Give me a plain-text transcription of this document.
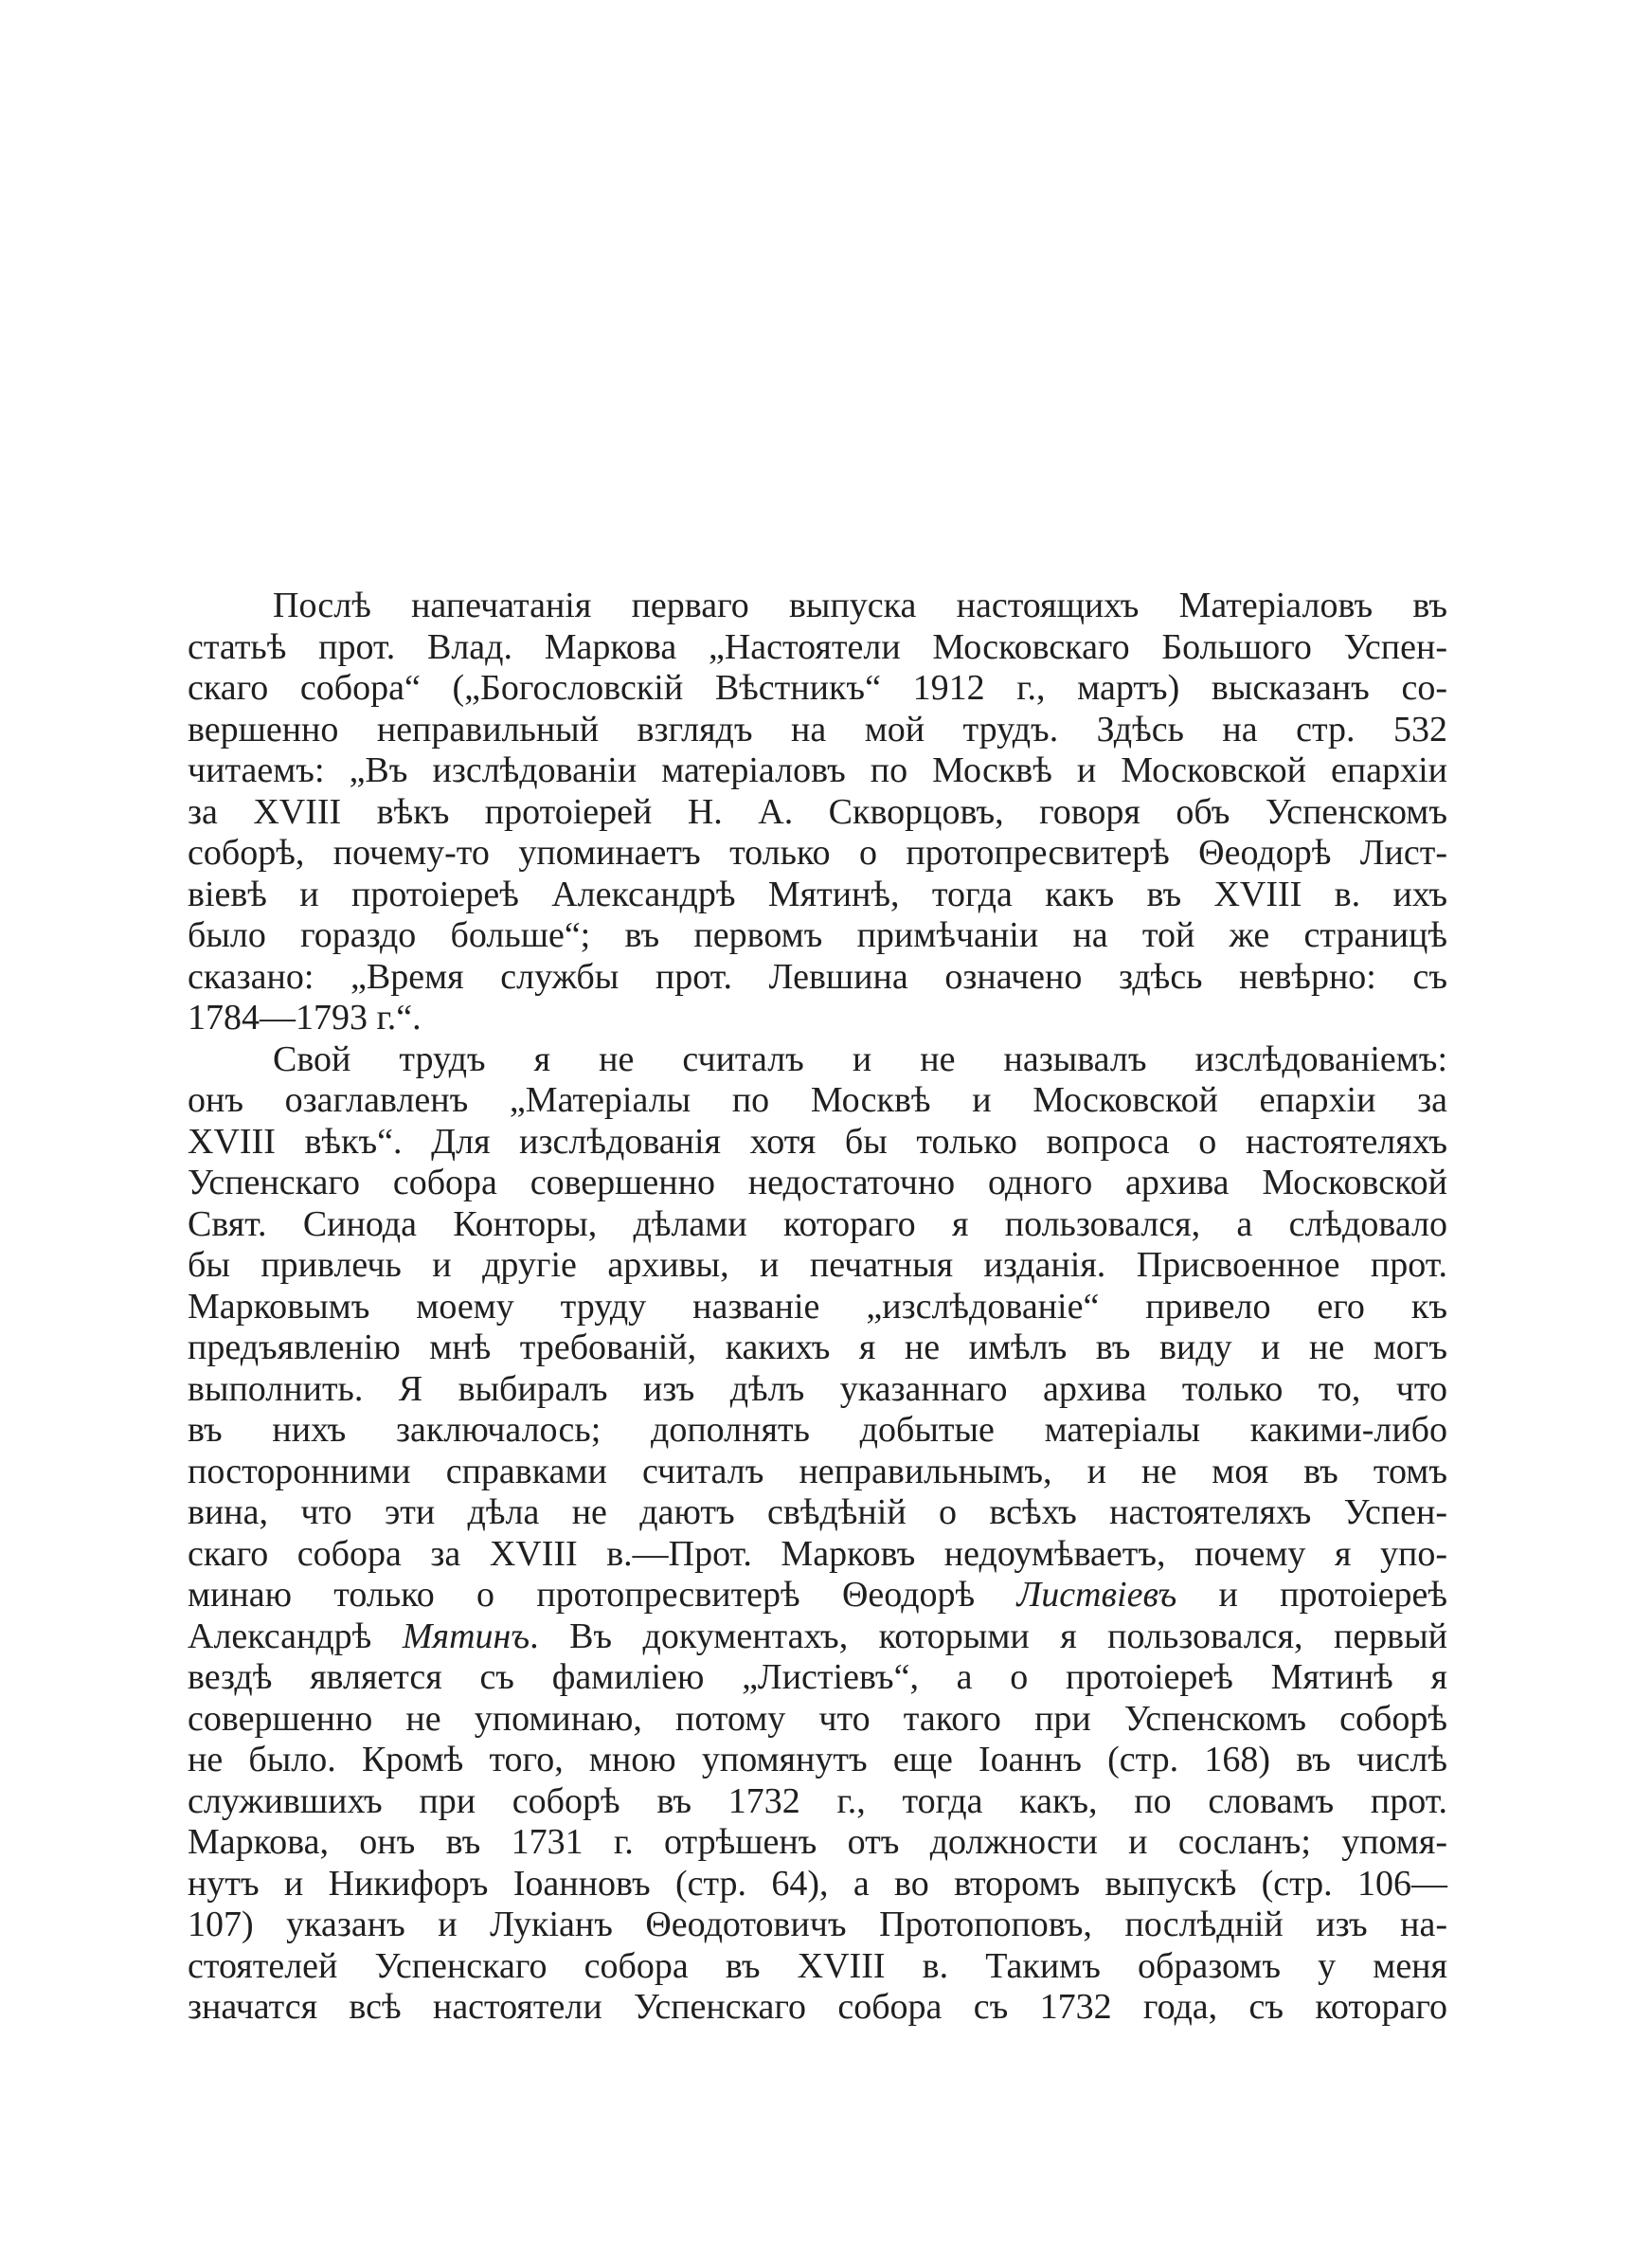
Послѣ напечатанія перваго выпуска настоящихъ Матеріаловъ въ
статьѣ прот. Влад. Маркова „Настоятели Московскаго Большого Успен-
скаго собора“ („Богословскій Вѣстникъ“ 1912 г., мартъ) высказанъ со-
вершенно неправильный взглядъ на мой трудъ. Здѣсь на стр. 532
читаемъ: „Въ изслѣдованіи матеріаловъ по Москвѣ и Московской епархіи
за XVIII вѣкъ протоіерей Н. А. Скворцовъ, говоря объ Успенскомъ
соборѣ, почему-то упоминаетъ только о протопресвитерѣ Θеодорѣ Лист-
віевѣ и протоіереѣ Александрѣ Мятинѣ, тогда какъ въ XVIII в. ихъ
было гораздо больше“; въ первомъ примѣчаніи на той же страницѣ
сказано: „Время службы прот. Левшина означено здѣсь невѣрно: съ
1784—1793 г.“.
Свой трудъ я не считалъ и не называлъ изслѣдованіемъ:
онъ озаглавленъ „Матеріалы по Москвѣ и Московской епархіи за
XVIII вѣкъ“. Для изслѣдованія хотя бы только вопроса о настоятеляхъ
Успенскаго собора совершенно недостаточно одного архива Московской
Свят. Синода Конторы, дѣлами котораго я пользовался, а слѣдовало
бы привлечь и другіе архивы, и печатныя изданія. Присвоенное прот.
Марковымъ моему труду названіе „изслѣдованіе“ привело его къ
предъявленію мнѣ требованій, какихъ я не имѣлъ въ виду и не могъ
выполнить. Я выбиралъ изъ дѣлъ указаннаго архива только то, что
въ нихъ заключалось; дополнять добытые матеріалы какими-либо
посторонними справками считалъ неправильнымъ, и не моя въ томъ
вина, что эти дѣла не даютъ свѣдѣній о всѣхъ настоятеляхъ Успен-
скаго собора за XVIII в.—Прот. Марковъ недоумѣваетъ, почему я упо-
минаю только о протопресвитерѣ Θеодорѣ Листвіевъ и протоіереѣ
Александрѣ Мятинъ. Въ документахъ, которыми я пользовался, первый
вездѣ является съ фамиліею „Листіевъ“, а о протоіереѣ Мятинѣ я
совершенно не упоминаю, потому что такого при Успенскомъ соборѣ
не было. Кромѣ того, мною упомянутъ еще Іоаннъ (стр. 168) въ числѣ
служившихъ при соборѣ въ 1732 г., тогда какъ, по словамъ прот.
Маркова, онъ въ 1731 г. отрѣшенъ отъ должности и сосланъ; упомя-
нутъ и Никифоръ Іоанновъ (стр. 64), а во второмъ выпускѣ (стр. 106—
107) указанъ и Лукіанъ Θеодотовичъ Протопоповъ, послѣдній изъ на-
стоятелей Успенскаго собора въ XVIII в. Такимъ образомъ у меня
значатся всѣ настоятели Успенскаго собора съ 1732 года, съ котораго
